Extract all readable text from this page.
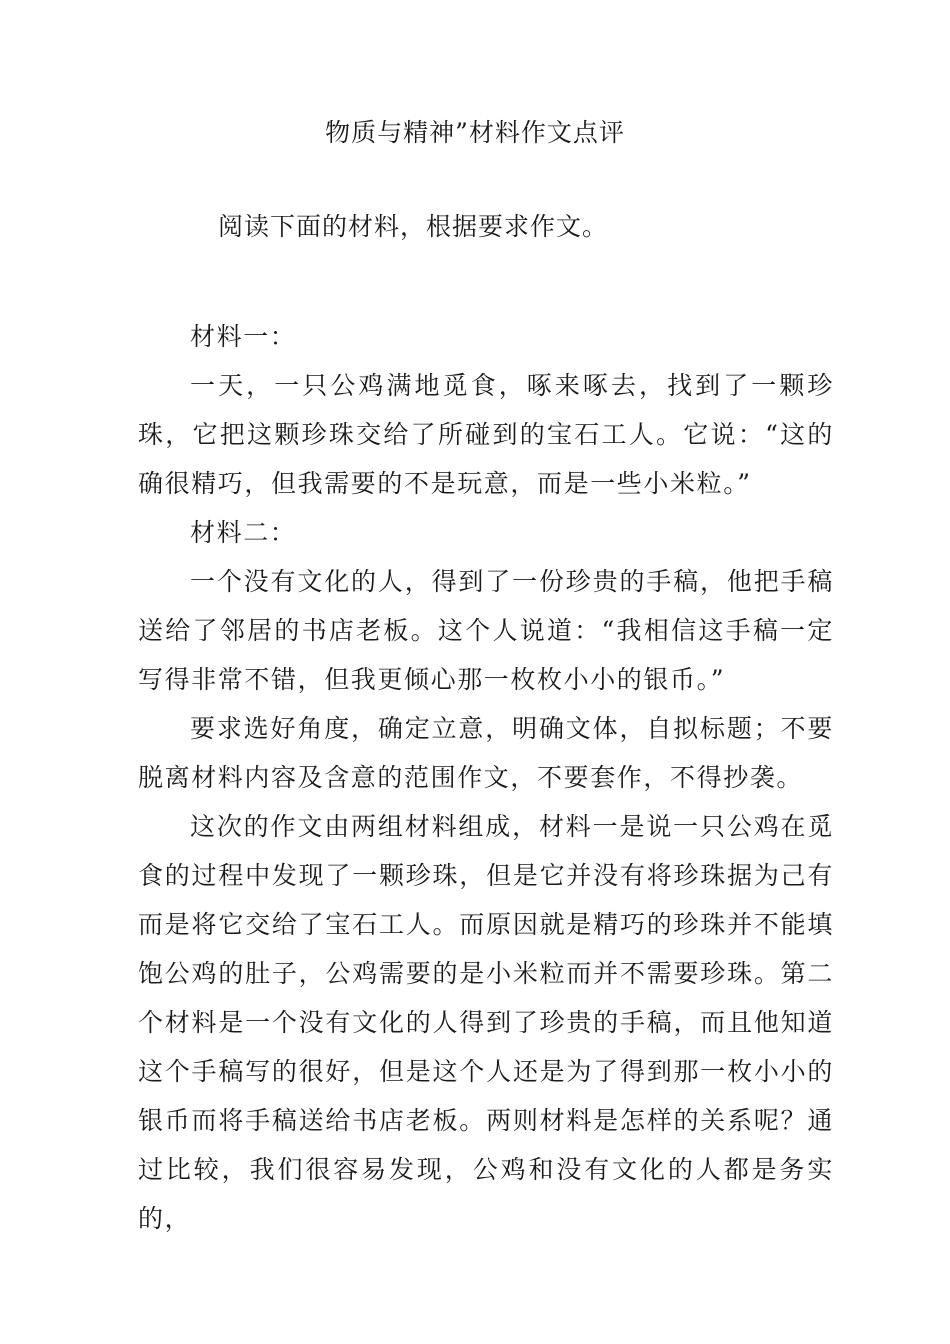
物质与精神”材料作文点评
阅读下面的材料，根据要求作文。

材料一：

一天，一只公鸡满地觅食，啄来啄去，找到了一颗珍珠，它把这颗珍珠交给了所碰到的宝石工人。它说：“这的确很精巧，但我需要的不是玩意，而是一些小米粒。”

材料二：

一个没有文化的人，得到了一份珍贵的手稿，他把手稿送给了邻居的书店老板。这个人说道：“我相信这手稿一定写得非常不错，但我更倾心那一枚枚小小的银币。”

要求选好角度，确定立意，明确文体，自拟标题；不要脱离材料内容及含意的范围作文，不要套作，不得抄袭。

这次的作文由两组材料组成，材料一是说一只公鸡在觅食的过程中发现了一颗珍珠，但是它并没有将珍珠据为己有而是将它交给了宝石工人。而原因就是精巧的珍珠并不能填饱公鸡的肚子，公鸡需要的是小米粒而并不需要珍珠。第二个材料是一个没有文化的人得到了珍贵的手稿，而且他知道这个手稿写的很好，但是这个人还是为了得到那一枚小小的银币而将手稿送给书店老板。两则材料是怎样的关系呢？通过比较，我们很容易发现，公鸡和没有文化的人都是务实的，
